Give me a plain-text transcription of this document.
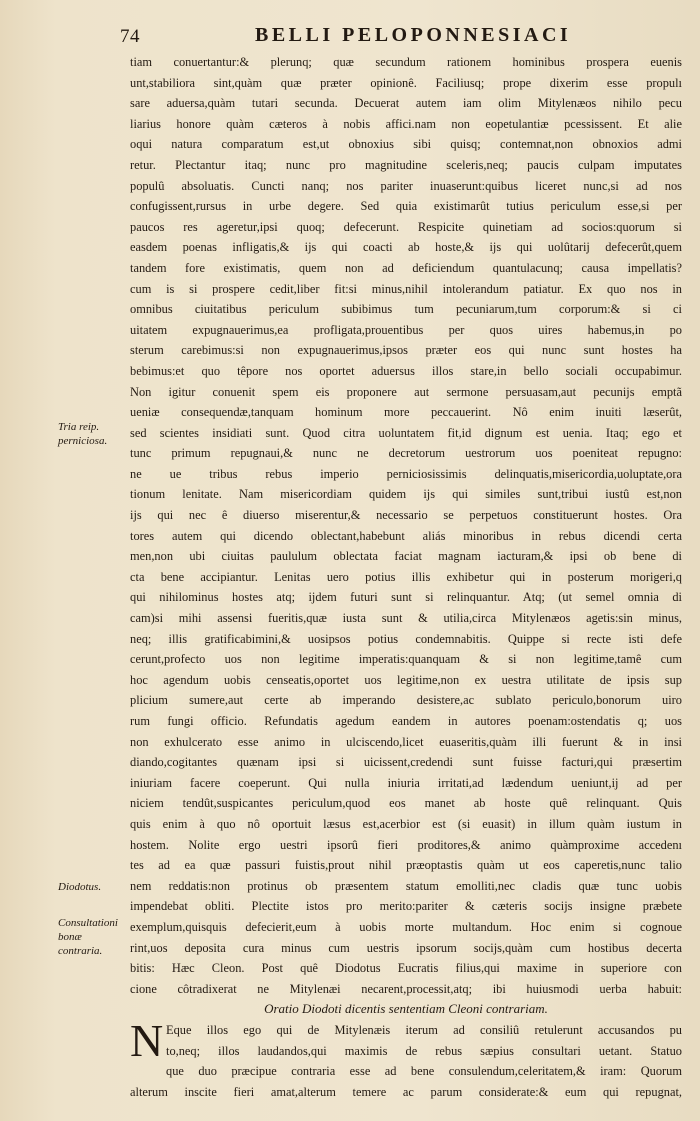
74	BELLI PELOPONNESIACI
Tria reip. perniciosa.
Diodotus.
Consultationi bonæ contraria.
tiam conuertantur:& plerunq; quæ secundum rationem hominibus prospera euenis
unt,stabiliora sint,quàm quæ præter opinionê. Faciliusq; prope dixerim esse propulı
sare aduersa,quàm tutari secunda. Decuerat autem iam olim Mitylenæos nihilo pecu
liarius honore quàm cæteros à nobis affici.nam non eopetulantiæ pcessissent. Et alie
oqui natura comparatum est,ut obnoxius sibi quisq; contemnat,non obnoxios admi
retur. Plectantur itaq; nunc pro magnitudine sceleris,neq; paucis culpam imputates
populû absoluatis. Cuncti nanq; nos pariter inuaserunt:quibus liceret nunc,si ad nos
confugissent,rursus in urbe degere. Sed quia existimarût tutius periculum esse,si per
paucos res ageretur,ipsi quoq; defecerunt. Respicite quinetiam ad socios:quorum si
easdem poenas infligatis,& ijs qui coacti ab hoste,& ijs qui uolûtarij defecerût,quem
tandem fore existimatis, quem non ad deficiendum quantulacunq; causa impellatis?
cum is si prospere cedit,liber fit:si minus,nihil intolerandum patiatur. Ex quo nos in
omnibus ciuitatibus periculum subibimus tum pecuniarum,tum corporum:& si ci
uitatem expugnauerimus,ea profligata,prouentibus per quos uires habemus,in po
sterum carebimus:si non expugnauerimus,ipsos præter eos qui nunc sunt hostes ha
bebimus:et quo têpore nos oportet aduersus illos stare,in bello sociali occupabimur.
Non igitur conuenit spem eis proponere aut sermone persuasam,aut pecunijs emptã
ueniæ consequendæ,tanquam hominum more peccauerint. Nô enim inuiti læserût,
sed scientes insidiati sunt. Quod citra uoluntatem fit,id dignum est uenia. Itaq; ego et
tunc primum repugnaui,& nunc ne decretorum uestrorum uos poeniteat repugno:
ne ue tribus rebus imperio perniciosissimis delinquatis,misericordia,uoluptate,ora
tionum lenitate. Nam misericordiam quidem ijs qui similes sunt,tribui iustû est,non
ijs qui nec ê diuerso miserentur,& necessario se perpetuos constituerunt hostes. Ora
tores autem qui dicendo oblectant,habebunt aliás minoribus in rebus dicendi certa
men,non ubi ciuitas paululum oblectata faciat magnam iacturam,& ipsi ob bene di
cta bene accipiantur. Lenitas uero potius illis exhibetur qui in posterum morigeri,q
qui nihilominus hostes atq; ijdem futuri sunt si relinquantur. Atq; (ut semel omnia di
cam)si mihi assensi fueritis,quæ iusta sunt & utilia,circa Mitylenæos agetis:sin minus,
neq; illis gratificabimini,& uosipsos potius condemnabitis. Quippe si recte isti defe
cerunt,profecto uos non legitime imperatis:quanquam & si non legitime,tamê cum
hoc agendum uobis censeatis,oportet uos legitime,non ex uestra utilitate de ipsis sup
plicium sumere,aut certe ab imperando desistere,ac sublato periculo,bonorum uiro
rum fungi officio. Refundatis agedum eandem in autores poenam:ostendatis q; uos
non exhulcerato esse animo in ulciscendo,licet euaseritis,quàm illi fuerunt & in insi
diando,cogitantes quænam ipsi si uicissent,credendi sunt fuisse facturi,qui præsertim
iniuriam facere coeperunt. Qui nulla iniuria irritati,ad lædendum ueniunt,ij ad per
niciem tendût,suspicantes periculum,quod eos manet ab hoste quê relinquant. Quis
quis enim à quo nô oportuit læsus est,acerbior est (si euasit) in illum quàm iustum in
hostem. Nolite ergo uestri ipsorû fieri proditores,& animo quàmproxime accedenı
tes ad ea quæ passuri fuistis,prout nihil præoptastis quàm ut eos caperetis,nunc talio
nem reddatis:non protinus ob præsentem statum emolliti,nec cladis quæ tunc uobis
impendebat obliti. Plectite istos pro merito:pariter & cæteris socijs insigne præbete
exemplum,quisquis defecierit,eum à uobis morte multandum. Hoc enim si cognoue
rint,uos deposita cura minus cum uestris ipsorum socijs,quàm cum hostibus decerta
bitis: Hæc Cleon. Post quê Diodotus Eucratis filius,qui maxime in superiore con
cione côtradixerat ne Mitylenæi necarent,processit,atq; ibi huiusmodi uerba habuit:
Oratio Diodoti dicentis sententiam Cleoni contrariam.
N Eque illos ego qui de Mitylenæis iterum ad consiliû retulerunt accusandos pu
to,neq; illos laudandos,qui maximis de rebus sæpius consultari uetant. Statuo
que duo præcipue contraria esse ad bene consulendum,celeritatem,& iram: Quorum
alterum inscite fieri amat,alterum temere ac parum considerate:& eum qui repugnat,
